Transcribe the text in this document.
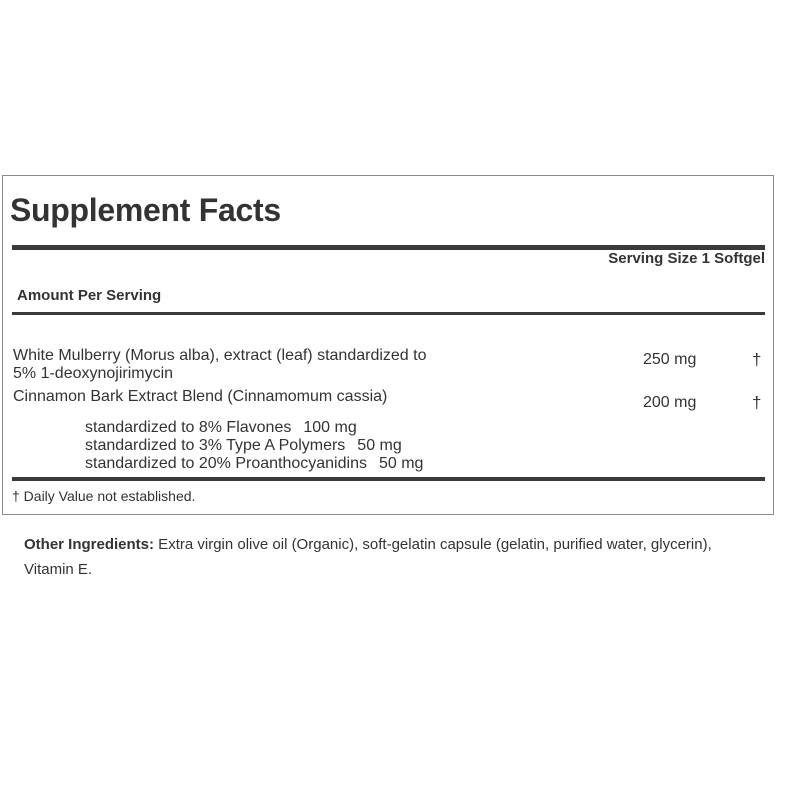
Supplement Facts
Serving Size 1 Softgel
Amount Per Serving
White Mulberry (Morus alba), extract (leaf) standardized to
5% 1-deoxynojirimycin
250 mg	†
Cinnamon Bark Extract Blend (Cinnamomum cassia)	200 mg	†
standardized to 8% Flavones 100 mg
standardized to 3% Type A Polymers 50 mg
standardized to 20% Proanthocyanidins 50 mg
† Daily Value not established.
Other Ingredients: Extra virgin olive oil (Organic), soft-gelatin capsule (gelatin, purified water, glycerin), Vitamin E.
